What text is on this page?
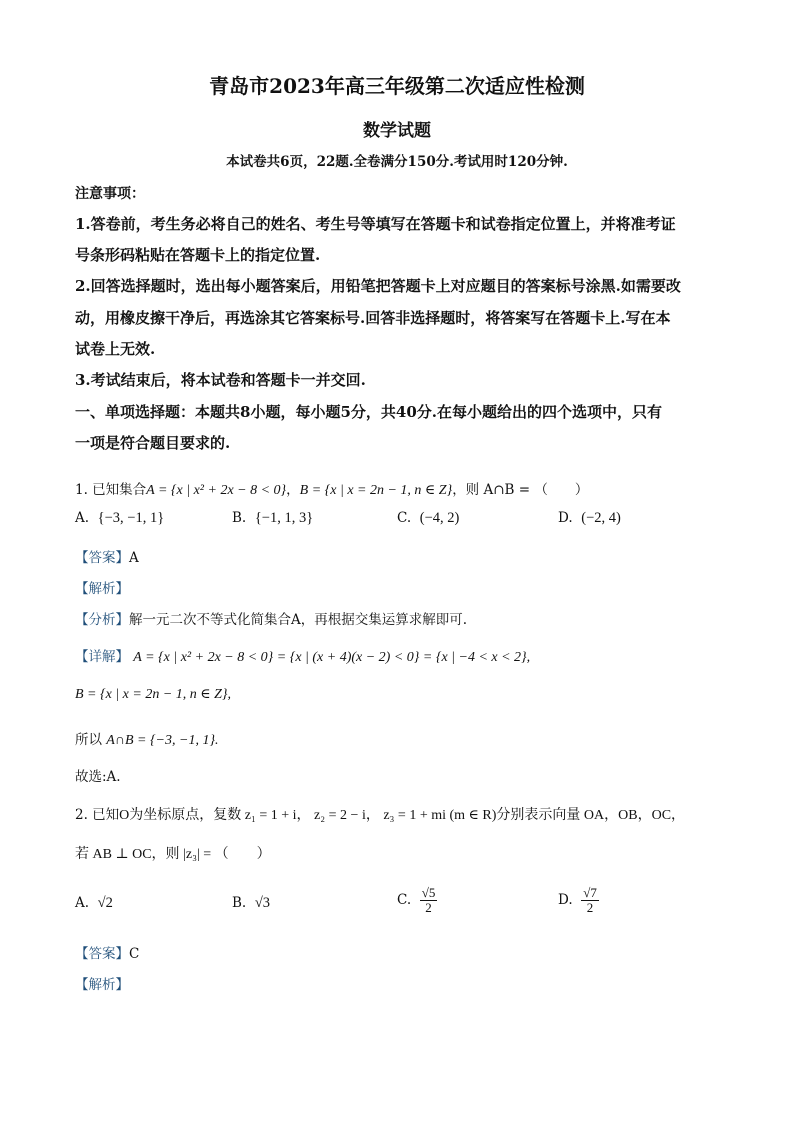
青岛市2023年高三年级第二次适应性检测
数学试题
本试卷共6页，22题.全卷满分150分.考试用时120分钟.
注意事项：
1.答卷前，考生务必将自己的姓名、考生号等填写在答题卡和试卷指定位置上，并将准考证
号条形码粘贴在答题卡上的指定位置.
2.回答选择题时，选出每小题答案后，用铅笔把答题卡上对应题目的答案标号涂黑.如需要改
动，用橡皮擦干净后，再选涂其它答案标号.回答非选择题时，将答案写在答题卡上.写在本
试卷上无效.
3.考试结束后，将本试卷和答题卡一并交回.
一、单项选择题：本题共8小题，每小题5分，共40分.在每小题给出的四个选项中，只有
一项是符合题目要求的.
1. 已知集合A = {x | x² + 2x − 8 < 0}，B = {x | x = 2n − 1, n ∈ Z}，则 A∩B = （　　）
A. {−3, −1, 1}	B. {−1, 1, 3}	C. (−4, 2)	D. (−2, 4)
【答案】A
【解析】
【分析】解一元二次不等式化简集合A，再根据交集运算求解即可.
【详解】 A = {x | x² + 2x − 8 < 0} = {x | (x + 4)(x − 2) < 0} = {x | −4 < x < 2},
B = {x | x = 2n − 1, n ∈ Z},
所以 A∩B = {−3, −1, 1}.
故选:A.
2. 已知O为坐标原点，复数 z₁ = 1 + i， z₂ = 2 − i， z₃ = 1 + mi (m ∈ R)分别表示向量 OA，OB，OC，
若 AB ⊥ OC，则 |z₃| = （　　）
A. √2	B. √3	C. $\frac{√5}{2}$	D. $\frac{√7}{2}$
【答案】C
【解析】
